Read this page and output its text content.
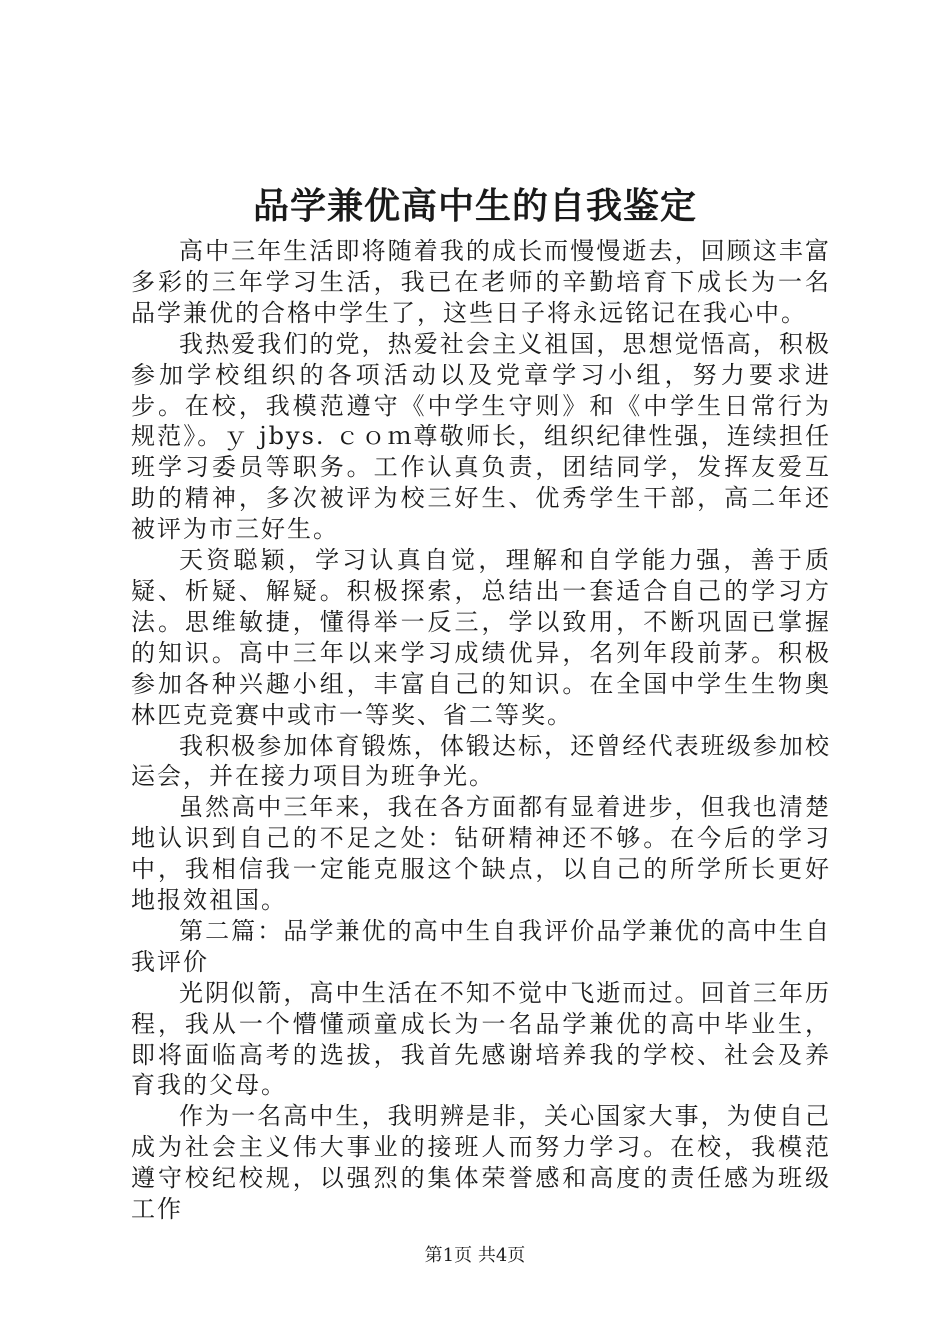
品学兼优高中生的自我鉴定

高中三年生活即将随着我的成长而慢慢逝去，回顾这丰富多彩的三年学习生活，我已在老师的辛勤培育下成长为一名品学兼优的合格中学生了，这些日子将永远铭记在我心中。

我热爱我们的党，热爱社会主义祖国，思想觉悟高，积极参加学校组织的各项活动以及党章学习小组，努力要求进步。在校，我模范遵守《中学生守则》和《中学生日常行为规范》。ｙ jbys. ｃｏｍ尊敬师长，组织纪律性强，连续担任班学习委员等职务。工作认真负责，团结同学，发挥友爱互助的精神，多次被评为校三好生、优秀学生干部，高二年还被评为市三好生。

天资聪颖，学习认真自觉，理解和自学能力强，善于质疑、析疑、解疑。积极探索，总结出一套适合自己的学习方法。思维敏捷，懂得举一反三，学以致用，不断巩固已掌握的知识。高中三年以来学习成绩优异，名列年段前茅。积极参加各种兴趣小组，丰富自己的知识。在全国中学生生物奥林匹克竞赛中或市一等奖、省二等奖。

我积极参加体育锻炼，体锻达标，还曾经代表班级参加校运会，并在接力项目为班争光。

虽然高中三年来，我在各方面都有显着进步，但我也清楚地认识到自己的不足之处：钻研精神还不够。在今后的学习中，我相信我一定能克服这个缺点，以自己的所学所长更好地报效祖国。

第二篇：品学兼优的高中生自我评价品学兼优的高中生自我评价

光阴似箭，高中生活在不知不觉中飞逝而过。回首三年历程，我从一个懵懂顽童成长为一名品学兼优的高中毕业生，即将面临高考的选拔，我首先感谢培养我的学校、社会及养育我的父母。

作为一名高中生，我明辨是非，关心国家大事，为使自己成为社会主义伟大事业的接班人而努力学习。在校，我模范遵守校纪校规，以强烈的集体荣誉感和高度的责任感为班级工作

第1页 共4页
